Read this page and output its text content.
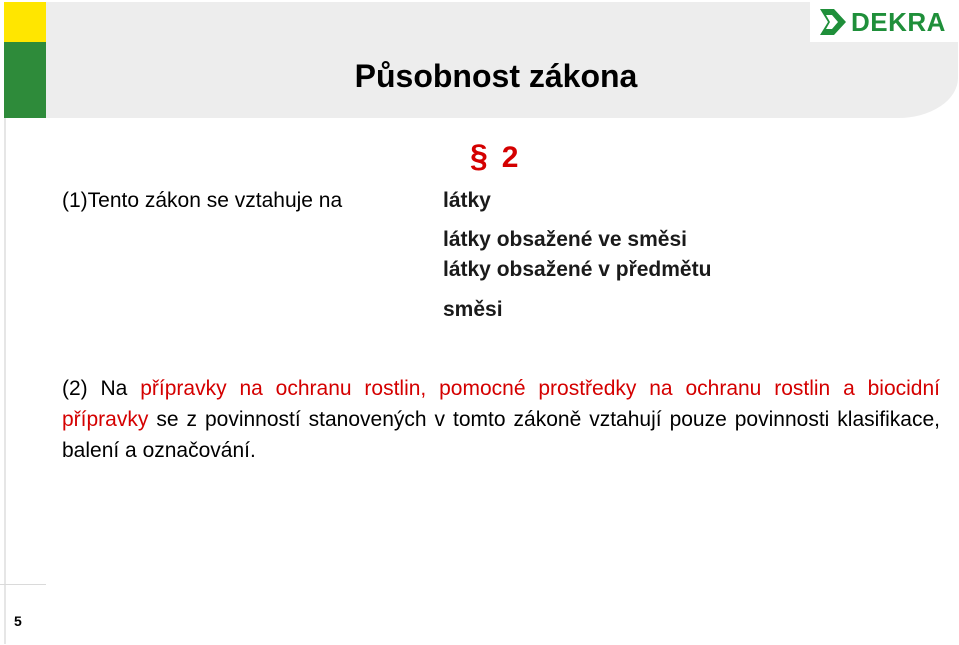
DEKRA
5
Působnost zákona
§ 2
(1)Tento zákon se vztahuje na	látky
látky obsažené ve směsi
látky obsažené v předmětu
směsi
(2) Na přípravky na ochranu rostlin, pomocné prostředky na ochranu rostlin a biocidní přípravky se z povinností stanovených v tomto zákoně vztahují pouze povinnosti klasifikace, balení a označování.
